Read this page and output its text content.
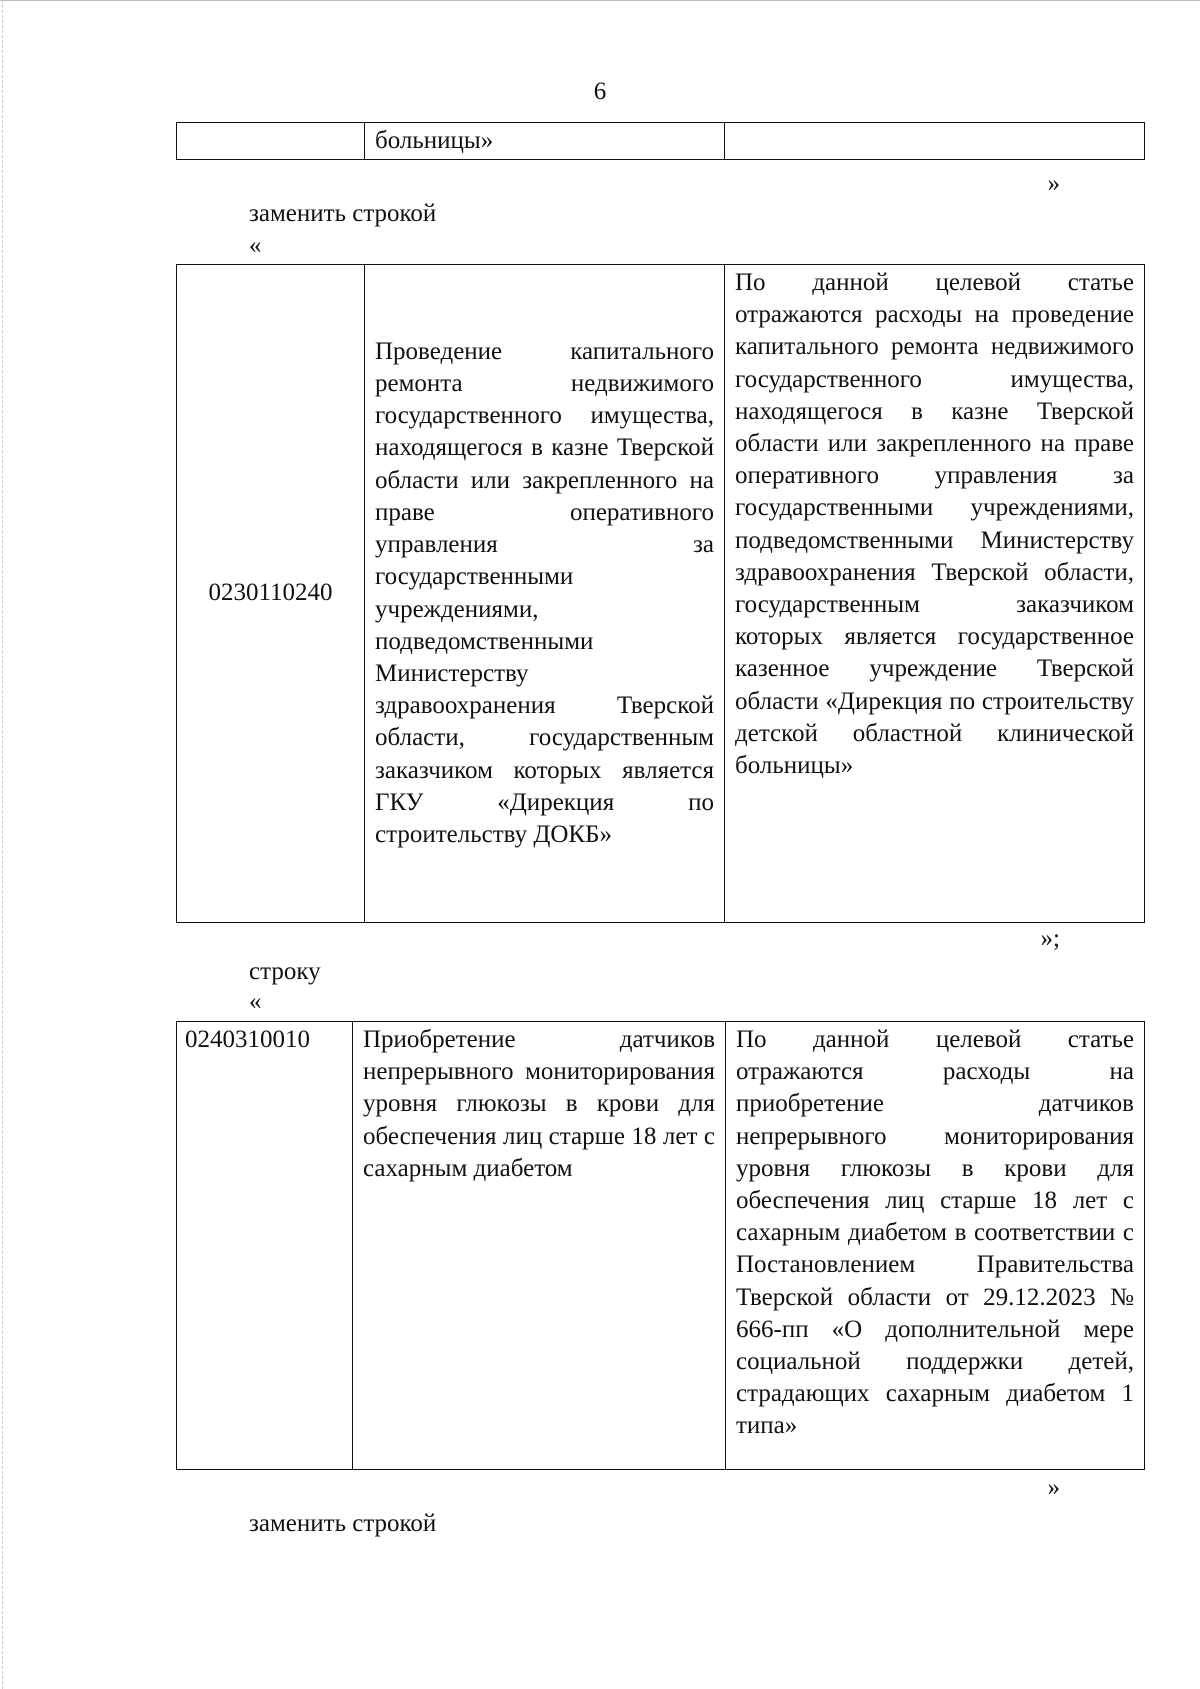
6
	больницы»	
»
заменить строкой
«
0230110240	Проведение капитального ремонта недвижимого государственного имущества, находящегося в казне Тверской области или закрепленного на праве оперативного управления за государственными учреждениями, подведомственными Министерству здравоохранения Тверской области, государственным заказчиком которых является ГКУ «Дирекция по строительству ДОКБ»	По данной целевой статье отражаются расходы на проведение капитального ремонта недвижимого государственного имущества, находящегося в казне Тверской области или закрепленного на праве оперативного управления за государственными учреждениями, подведомственными Министерству здравоохранения Тверской области, государственным заказчиком которых является государственное казенное учреждение Тверской области «Дирекция по строительству детской областной клинической больницы»
»;
строку
«
0240310010	Приобретение датчиков непрерывного мониторирования уровня глюкозы в крови для обеспечения лиц старше 18 лет с сахарным диабетом	По данной целевой статье отражаются расходы на приобретение датчиков непрерывного мониторирования уровня глюкозы в крови для обеспечения лиц старше 18 лет с сахарным диабетом в соответствии с Постановлением Правительства Тверской области от 29.12.2023 № 666-пп «О дополнительной мере социальной поддержки детей, страдающих сахарным диабетом 1 типа»
»
заменить строкой
